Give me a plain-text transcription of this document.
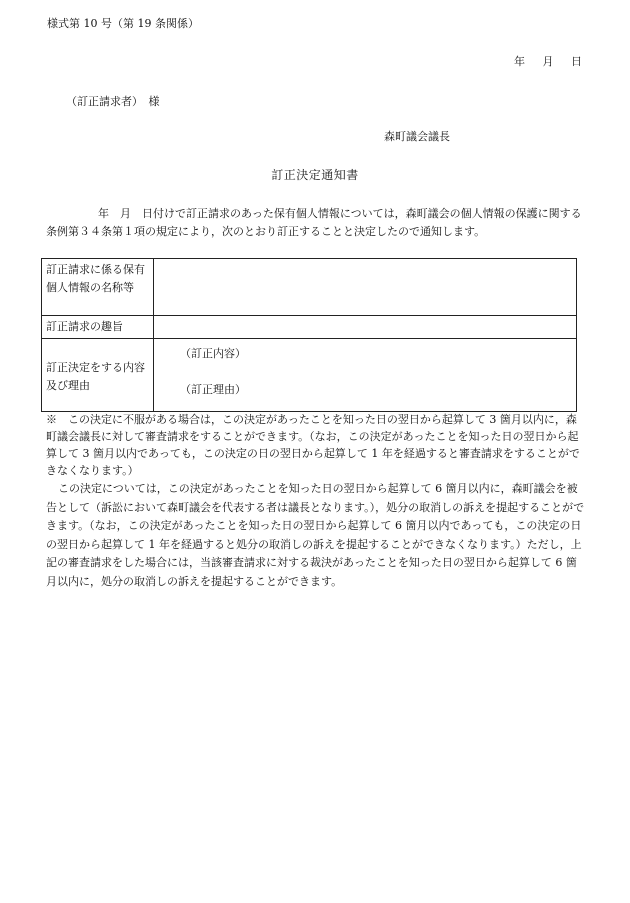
様式第 10 号（第 19 条関係）
年 月 日
（訂正請求者）　様
森町議会議長
訂正決定通知書
年　月　日付けで訂正請求のあった保有個人情報については，森町議会の個人情報の保護に関する条例第３４条第１項の規定により，次のとおり訂正することと決定したので通知します。
訂正請求に係る保有個人情報の名称等	
訂正請求の趣旨	

訂正決定をする内容及び理由	（訂正内容）
（訂正理由）
※　この決定に不服がある場合は，この決定があったことを知った日の翌日から起算して 3 箇月以内に，森町議会議長に対して審査請求をすることができます。（なお，この決定があったことを知った日の翌日から起算して 3 箇月以内であっても，この決定の日の翌日から起算して 1 年を経過すると審査請求をすることができなくなります。）
この決定については，この決定があったことを知った日の翌日から起算して 6 箇月以内に，森町議会を被告として（訴訟において森町議会を代表する者は議長となります。），処分の取消しの訴えを提起することができます。（なお，この決定があったことを知った日の翌日から起算して 6 箇月以内であっても，この決定の日の翌日から起算して 1 年を経過すると処分の取消しの訴えを提起することができなくなります。）ただし，上記の審査請求をした場合には，当該審査請求に対する裁決があったことを知った日の翌日から起算して 6 箇月以内に，処分の取消しの訴えを提起することができます。
